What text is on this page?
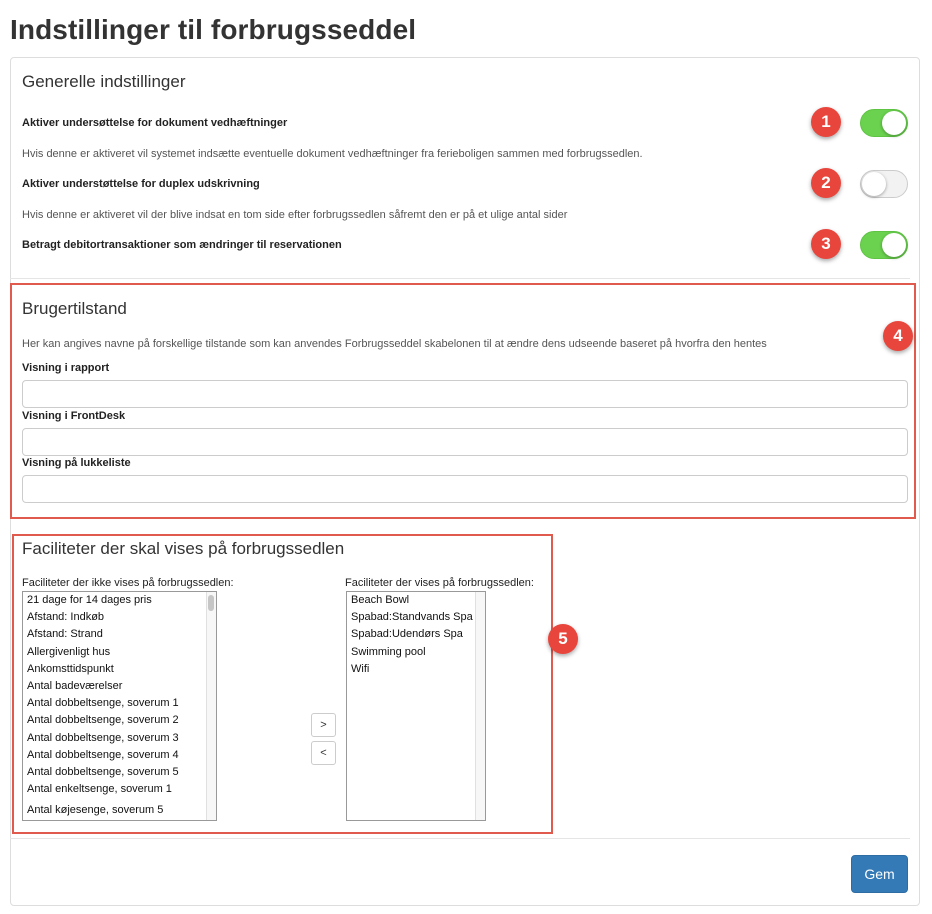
Indstillinger til forbrugsseddel
Generelle indstillinger
Aktiver undersøttelse for dokument vedhæftninger	1
Hvis denne er aktiveret vil systemet indsætte eventuelle dokument vedhæftninger fra ferieboligen sammen med forbrugssedlen.
Aktiver understøttelse for duplex udskrivning	2
Hvis denne er aktiveret vil der blive indsat en tom side efter forbrugssedlen såfremt den er på et ulige antal sider
Betragt debitortransaktioner som ændringer til reservationen	3
Brugertilstand
4
Her kan angives navne på forskellige tilstande som kan anvendes Forbrugsseddel skabelonen til at ændre dens udseende baseret på hvorfra den hentes
Visning i rapport
Visning i FrontDesk
Visning på lukkeliste
Faciliteter der skal vises på forbrugssedlen
5
Faciliteter der ikke vises på forbrugssedlen:
21 dage for 14 dages pris
Afstand: Indkøb
Afstand: Strand
Allergivenligt hus
Ankomsttidspunkt
Antal badeværelser
Antal dobbeltsenge, soverum 1
Antal dobbeltsenge, soverum 2
Antal dobbeltsenge, soverum 3
Antal dobbeltsenge, soverum 4
Antal dobbeltsenge, soverum 5
Antal enkeltsenge, soverum 1
Antal køjesenge, soverum 5
>
<
Faciliteter der vises på forbrugssedlen:
Beach Bowl
Spabad:Standvands Spa
Spabad:Udendørs Spa
Swimming pool
Wifi
Gem
